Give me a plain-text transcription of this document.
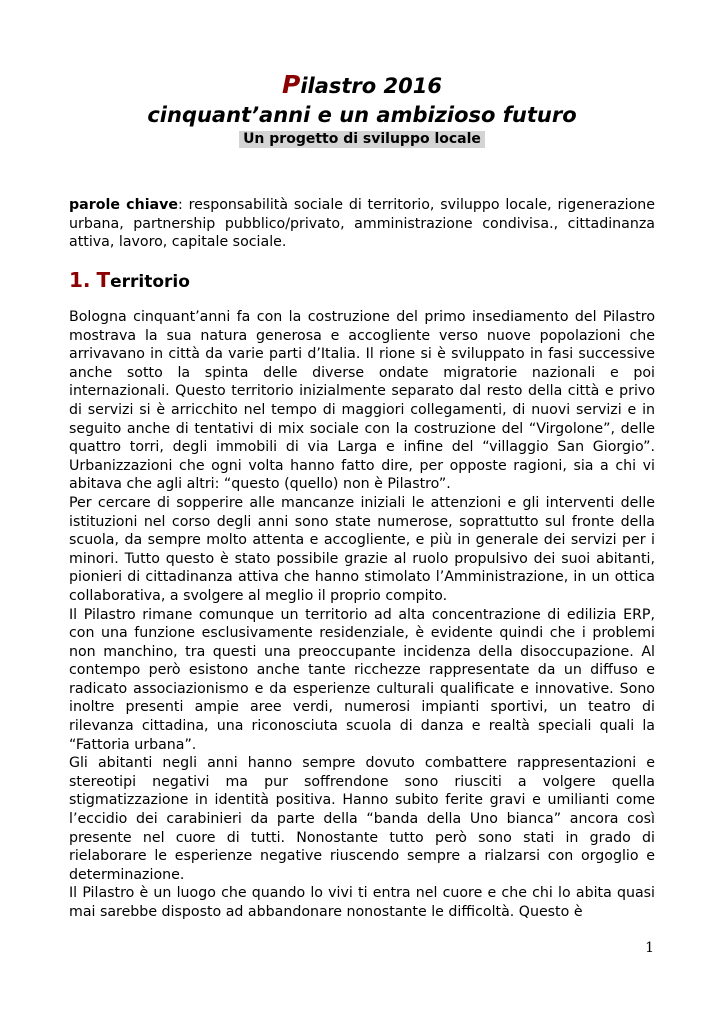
Pilastro 2016
cinquant’anni e un ambizioso futuro
Un progetto di sviluppo locale

parole chiave: responsabilità sociale di territorio, sviluppo locale, rigenerazione urbana, partnership pubblico/privato, amministrazione condivisa., cittadinanza attiva, lavoro, capitale sociale.

1. Territorio

Bologna cinquant’anni fa con la costruzione del primo insediamento del Pilastro mostrava la sua natura generosa e accogliente verso nuove popolazioni che arrivavano in città da varie parti d’Italia. Il rione si è sviluppato in fasi successive anche sotto la spinta delle diverse ondate migratorie nazionali e poi internazionali. Questo territorio inizialmente separato dal resto della città e privo di servizi si è arricchito nel tempo di maggiori collegamenti, di nuovi servizi e in seguito anche di tentativi di mix sociale con la costruzione del “Virgolone”, delle quattro torri, degli immobili di via Larga e infine del “villaggio San Giorgio”. Urbanizzazioni che ogni volta hanno fatto dire, per opposte ragioni, sia a chi vi abitava che agli altri: “questo (quello) non è Pilastro”.

Per cercare di sopperire alle mancanze iniziali le attenzioni e gli interventi delle istituzioni nel corso degli anni sono state numerose, soprattutto sul fronte della scuola, da sempre molto attenta e accogliente, e più in generale dei servizi per i minori. Tutto questo è stato possibile grazie al ruolo propulsivo dei suoi abitanti, pionieri di cittadinanza attiva che hanno stimolato l’Amministrazione, in un ottica collaborativa, a svolgere al meglio il proprio compito.

Il Pilastro rimane comunque un territorio ad alta concentrazione di edilizia ERP, con una funzione esclusivamente residenziale, è evidente quindi che i problemi non manchino, tra questi una preoccupante incidenza della disoccupazione. Al contempo però esistono anche tante ricchezze rappresentate da un diffuso e radicato associazionismo e da esperienze culturali qualificate e innovative. Sono inoltre presenti ampie aree verdi, numerosi impianti sportivi, un teatro di rilevanza cittadina, una riconosciuta scuola di danza e realtà speciali quali la “Fattoria urbana”.

Gli abitanti negli anni hanno sempre dovuto combattere rappresentazioni e stereotipi negativi ma pur soffrendone sono riusciti a volgere quella stigmatizzazione in identità positiva. Hanno subito ferite gravi e umilianti come l’eccidio dei carabinieri da parte della “banda della Uno bianca” ancora così presente nel cuore di tutti. Nonostante tutto però sono stati in grado di rielaborare le esperienze negative riuscendo sempre a rialzarsi con orgoglio e determinazione.

Il Pilastro è un luogo che quando lo vivi ti entra nel cuore e che chi lo abita quasi mai sarebbe disposto ad abbandonare nonostante le difficoltà. Questo è

1
